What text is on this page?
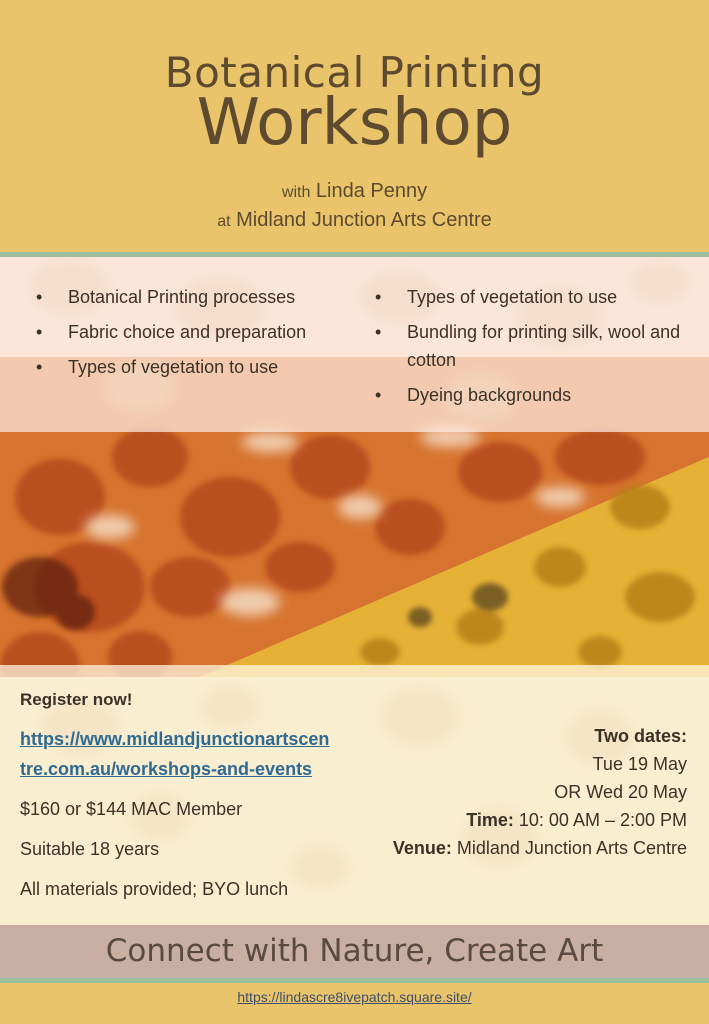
Botanical Printing
Workshop
with Linda Penny
at Midland Junction Arts Centre
• Botanical Printing processes
• Fabric choice and preparation
• Types of vegetation to use
• Types of vegetation to use
• Bundling for printing silk, wool and cotton
• Dyeing backgrounds
Register now!
https://www.midlandjunctionartscen
tre.com.au/workshops-and-events
$160 or $144 MAC Member
Suitable 18 years
All materials provided; BYO lunch
Two dates:
Tue 19 May
OR Wed 20 May
Time: 10: 00 AM – 2:00 PM
Venue: Midland Junction Arts Centre
Connect with Nature, Create Art
https://lindascre8ivepatch.square.site/
